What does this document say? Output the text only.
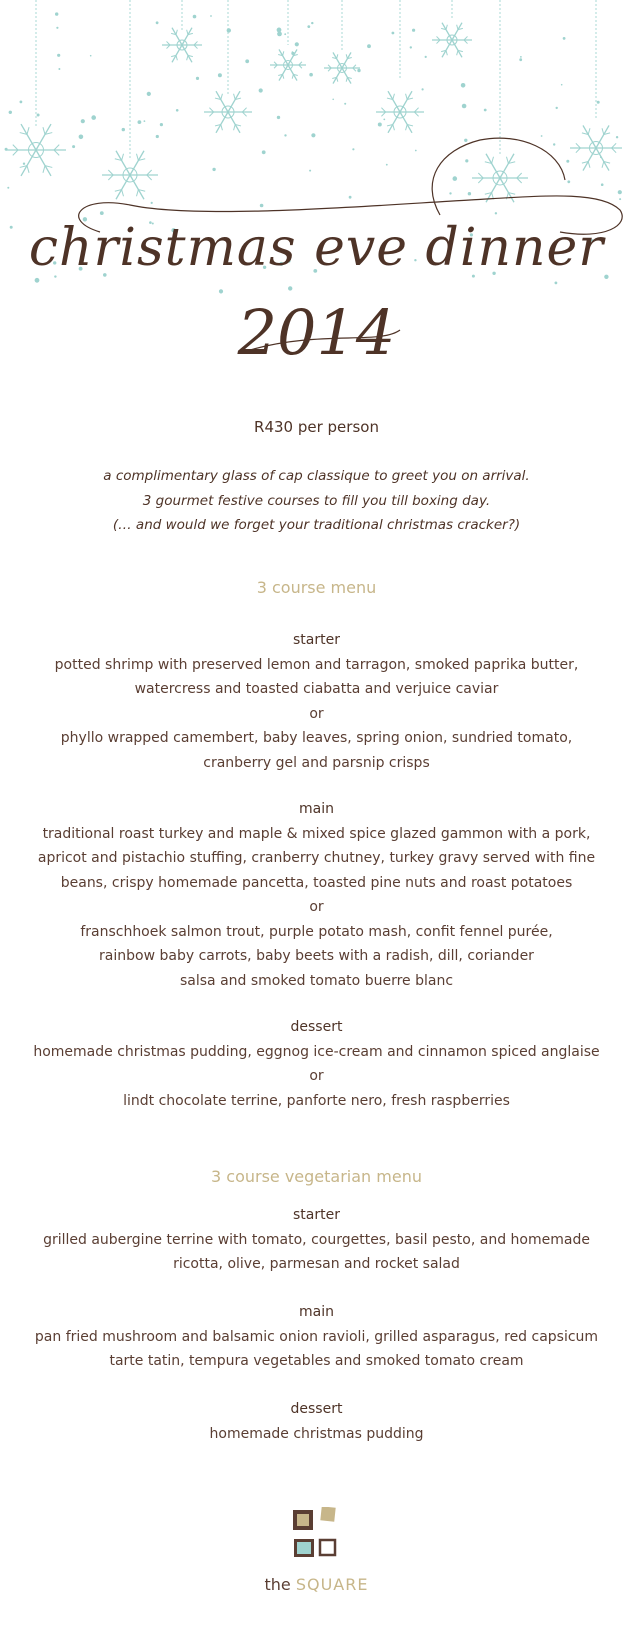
christmas eve dinner
2014
R430 per person
a complimentary glass of cap classique to greet you on arrival.
3 gourmet festive courses to fill you till boxing day.
(… and would we forget your traditional christmas cracker?)
3 course menu
starter
potted shrimp with preserved lemon and tarragon, smoked paprika butter,
watercress and toasted ciabatta and verjuice caviar
or
phyllo wrapped camembert, baby leaves, spring onion, sundried tomato,
cranberry gel and parsnip crisps
main
traditional roast turkey and maple & mixed spice glazed gammon with a pork,
apricot and pistachio stuffing, cranberry chutney, turkey gravy served with fine
beans, crispy homemade pancetta, toasted pine nuts and roast potatoes
or
franschhoek salmon trout, purple potato mash, confit fennel purée,
rainbow baby carrots, baby beets with a radish, dill, coriander
salsa and smoked tomato buerre blanc
dessert
homemade christmas pudding, eggnog ice-cream and cinnamon spiced anglaise
or
lindt chocolate terrine, panforte nero, fresh raspberries
3 course vegetarian menu
starter
grilled aubergine terrine with tomato, courgettes, basil pesto, and homemade
ricotta, olive, parmesan and rocket salad
main
pan fried mushroom and balsamic onion ravioli, grilled asparagus, red capsicum
tarte tatin, tempura vegetables and smoked tomato cream
dessert
homemade christmas pudding
the SQUARE
